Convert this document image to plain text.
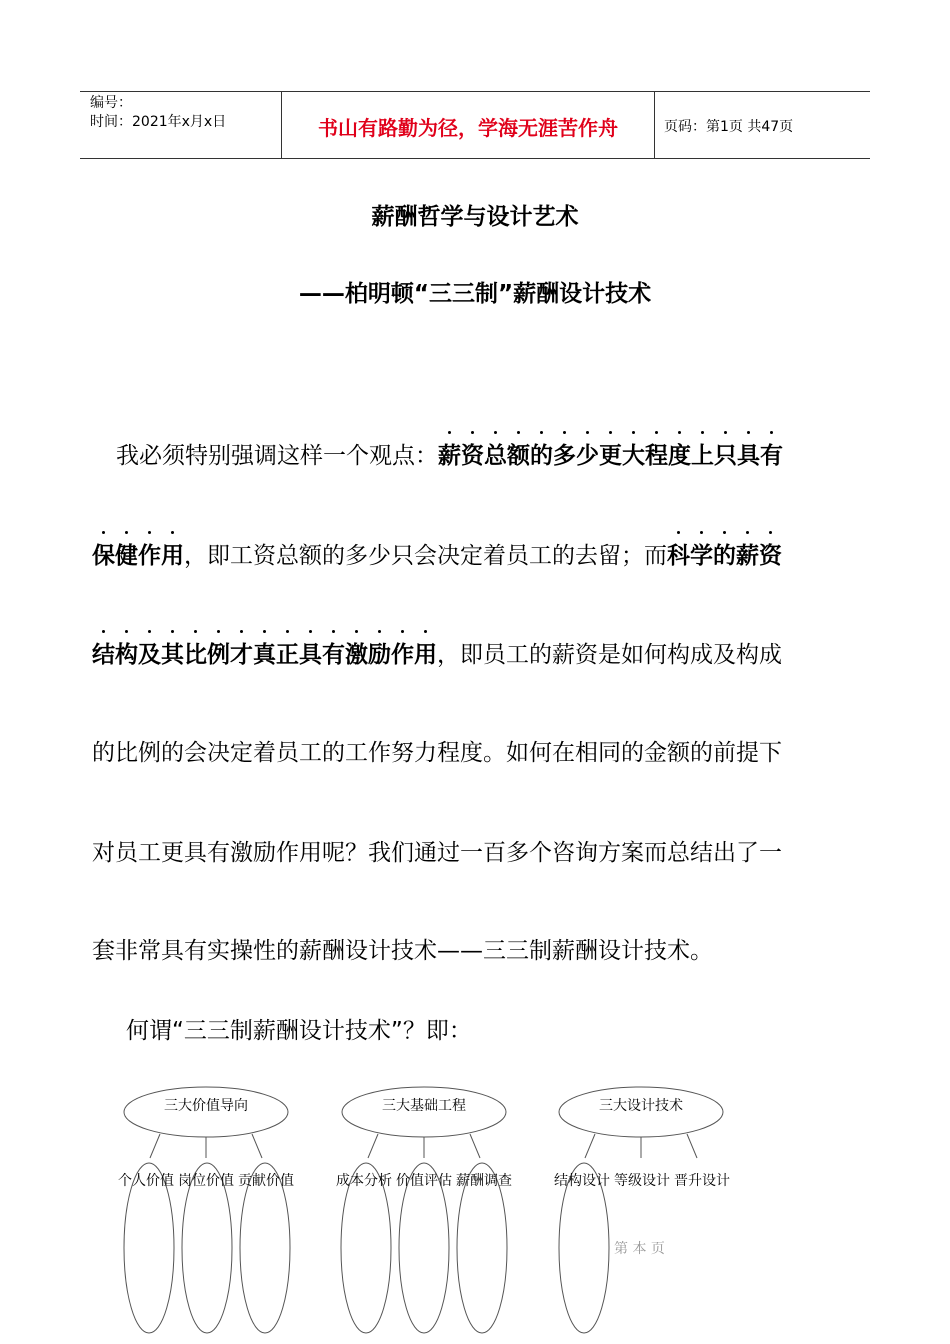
编号：
时间：2021年x月x日	书山有路勤为径，学海无涯苦作舟	页码：第1页 共47页
薪酬哲学与设计艺术
——柏明顿“三三制”薪酬设计技术
我必须特别强调这样一个观点：薪资总额的多少更大程度上只具有
保健作用
，即工资总额的多少只会决定着员工的去留；而科学的薪资
结构及其比例才真正具有激励作用
，即员工的薪资是如何构成及构成
的比例的会决定着员工的工作努力程度。如何在相同的金额的前提下
对员工更具有激励作用呢？我们通过一百多个咨询方案而总结出了一
套非常具有实操性的薪酬设计技术——三三制薪酬设计技术。
何谓“三三制薪酬设计技术”？即：
三大价值导向	三大基础工程	三大设计技术
个人价值 岗位价值 贡献价值	成本分析 价值评估 薪酬调查	结构设计 等级设计 晋升设计
第 本 页
